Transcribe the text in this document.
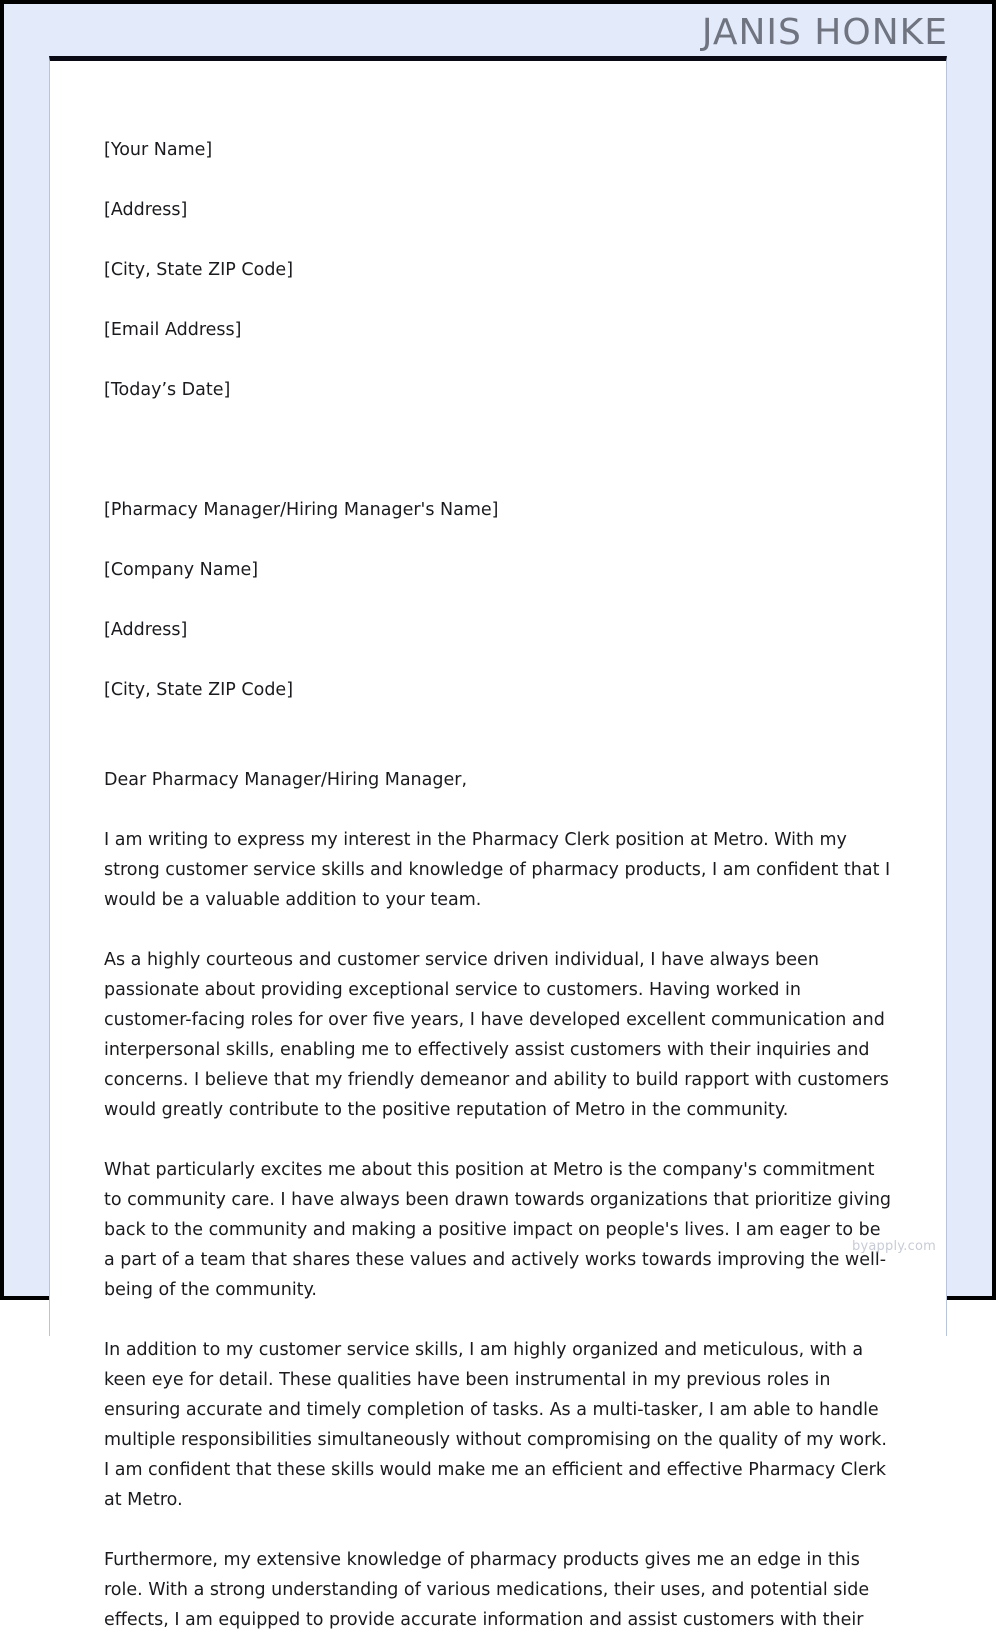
JANIS HONKE

[Your Name]

[Address]

[City, State ZIP Code]

[Email Address]

[Today’s Date]

[Pharmacy Manager/Hiring Manager's Name]

[Company Name]

[Address]

[City, State ZIP Code]

Dear Pharmacy Manager/Hiring Manager,
I am writing to express my interest in the Pharmacy Clerk position at Metro. With my strong customer service skills and knowledge of pharmacy products, I am confident that I would be a valuable addition to your team.
As a highly courteous and customer service driven individual, I have always been passionate about providing exceptional service to customers. Having worked in customer-facing roles for over five years, I have developed excellent communication and interpersonal skills, enabling me to effectively assist customers with their inquiries and concerns. I believe that my friendly demeanor and ability to build rapport with customers would greatly contribute to the positive reputation of Metro in the community.
What particularly excites me about this position at Metro is the company's commitment to community care. I have always been drawn towards organizations that prioritize giving back to the community and making a positive impact on people's lives. I am eager to be a part of a team that shares these values and actively works towards improving the well-being of the community.
In addition to my customer service skills, I am highly organized and meticulous, with a keen eye for detail. These qualities have been instrumental in my previous roles in ensuring accurate and timely completion of tasks. As a multi-tasker, I am able to handle multiple responsibilities simultaneously without compromising on the quality of my work. I am confident that these skills would make me an efficient and effective Pharmacy Clerk at Metro.
Furthermore, my extensive knowledge of pharmacy products gives me an edge in this role. With a strong understanding of various medications, their uses, and potential side effects, I am equipped to provide accurate information and assist customers with their
byapply.com
